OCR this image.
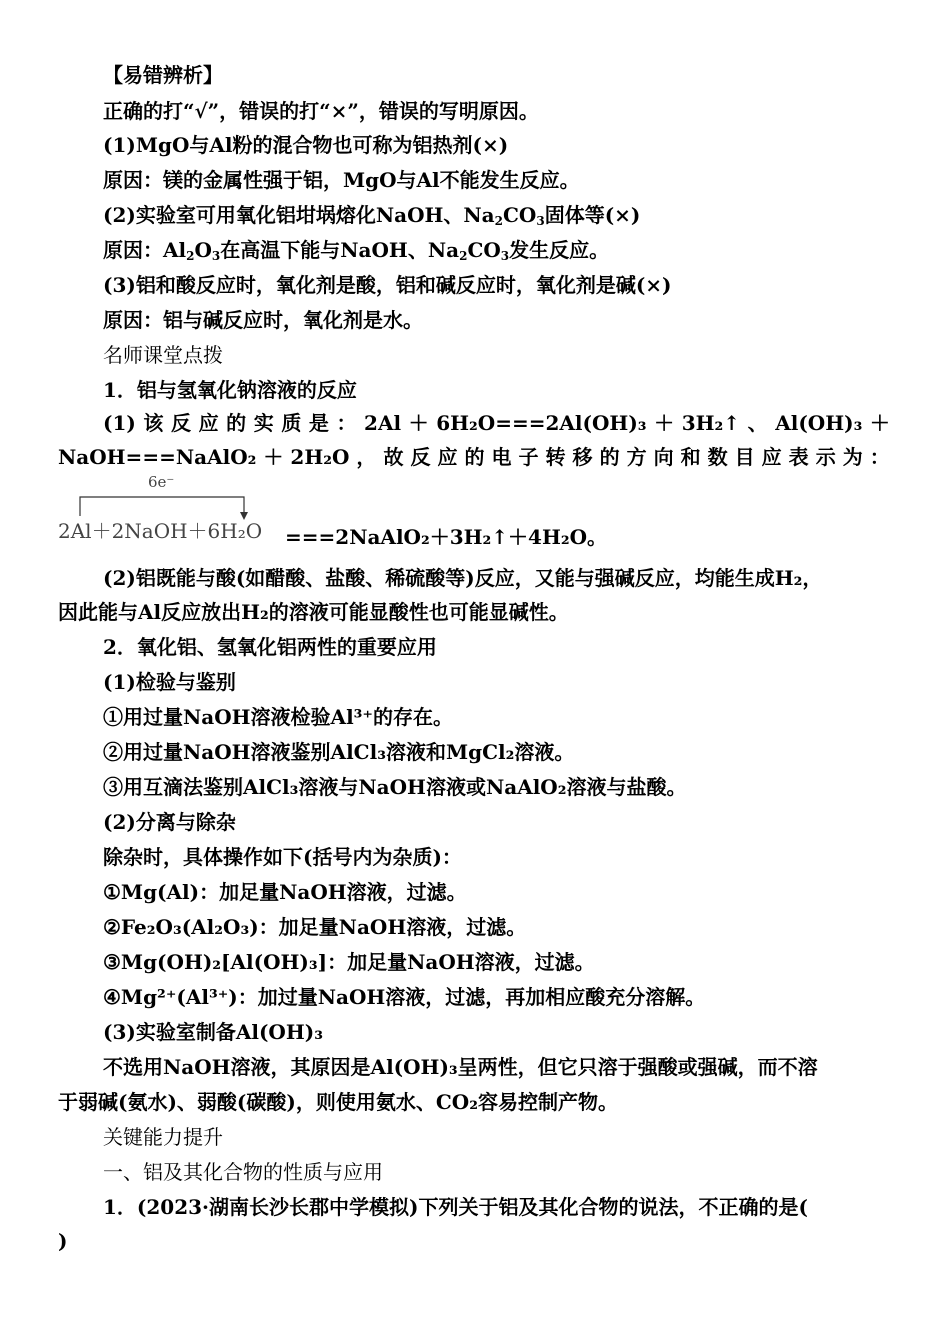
【易错辨析】
正确的打“√”，错误的打“×”，错误的写明原因。
(1)MgO与Al粉的混合物也可称为铝热剂(×)
原因：镁的金属性强于铝，MgO与Al不能发生反应。
(2)实验室可用氧化铝坩埚熔化NaOH、$Na_2CO_3$固体等(×)
原因：$Al_2O_3$在高温下能与NaOH、$Na_2CO_3$发生反应。
(3)铝和酸反应时，氧化剂是酸，铝和碱反应时，氧化剂是碱(×)
原因：铝与碱反应时，氧化剂是水。
名师课堂点拨
1．铝与氢氧化钠溶液的反应
(1) 该 反 应 的 实 质 是 ： 2Al ＋ 6H₂O===2Al(OH)₃ ＋ 3H₂↑ 、 Al(OH)₃ ＋
NaOH===NaAlO₂ ＋ 2H₂O ， 故 反 应 的 电 子 转 移 的 方 向 和 数 目 应 表 示 为 ：
6e⁻
2Al＋2NaOH＋6H₂O ===2NaAlO₂＋3H₂↑＋4H₂O。
(2)铝既能与酸(如醋酸、盐酸、稀硫酸等)反应，又能与强碱反应，均能生成H₂，
因此能与Al反应放出H₂的溶液可能显酸性也可能显碱性。
2．氧化铝、氢氧化铝两性的重要应用
(1)检验与鉴别
①用过量NaOH溶液检验Al³⁺的存在。
②用过量NaOH溶液鉴别AlCl₃溶液和MgCl₂溶液。
③用互滴法鉴别AlCl₃溶液与NaOH溶液或NaAlO₂溶液与盐酸。
(2)分离与除杂
除杂时，具体操作如下(括号内为杂质)：
①Mg(Al)：加足量NaOH溶液，过滤。
②Fe₂O₃(Al₂O₃)：加足量NaOH溶液，过滤。
③Mg(OH)₂[Al(OH)₃]：加足量NaOH溶液，过滤。
④Mg²⁺(Al³⁺)：加过量NaOH溶液，过滤，再加相应酸充分溶解。
(3)实验室制备Al(OH)₃
不选用NaOH溶液，其原因是Al(OH)₃呈两性，但它只溶于强酸或强碱，而不溶
于弱碱(氨水)、弱酸(碳酸)，则使用氨水、CO₂容易控制产物。
关键能力提升
一、铝及其化合物的性质与应用
1．(2023·湖南长沙长郡中学模拟)下列关于铝及其化合物的说法，不正确的是(
)
